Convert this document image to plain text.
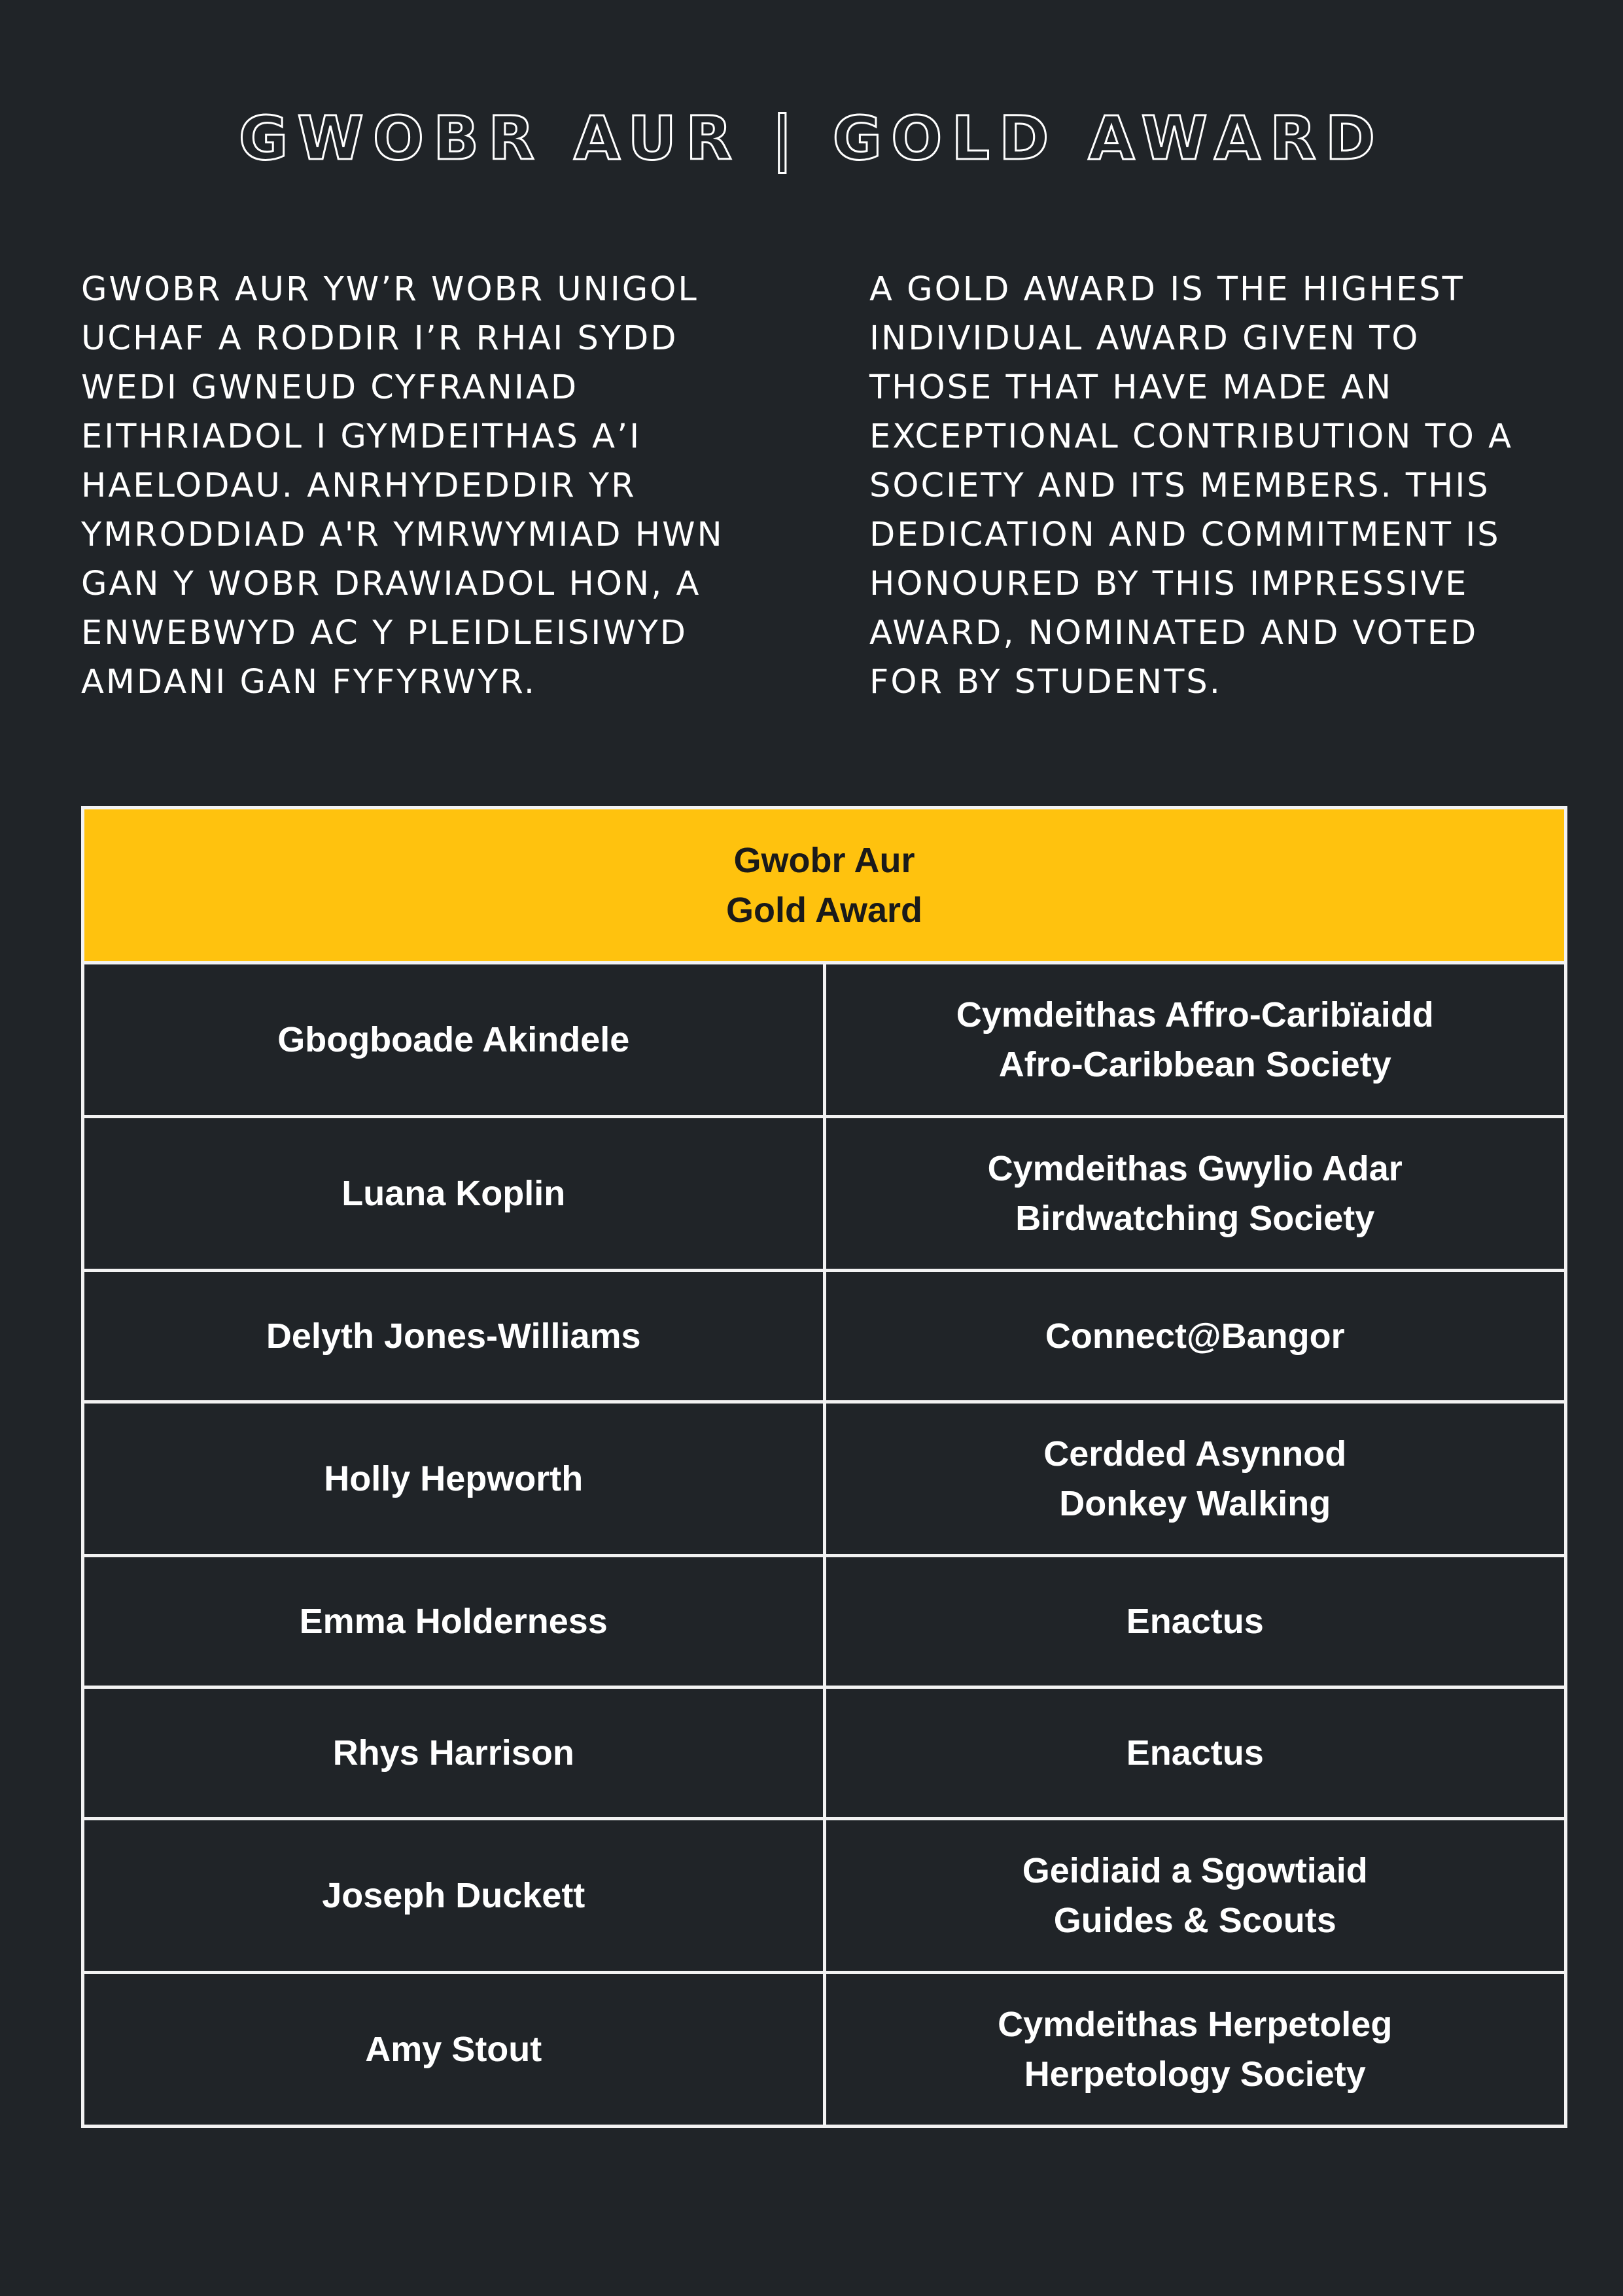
GWOBR AUR | GOLD AWARD
GWOBR AUR YW’R WOBR UNIGOL
UCHAF A RODDIR I’R RHAI SYDD
WEDI GWNEUD CYFRANIAD
EITHRIADOL I GYMDEITHAS A’I
HAELODAU. ANRHYDEDDIR YR
YMRODDIAD A'R YMRWYMIAD HWN
GAN Y WOBR DRAWIADOL HON, A
ENWEBWYD AC Y PLEIDLEISIWYD
AMDANI GAN FYFYRWYR.
A GOLD AWARD IS THE HIGHEST
INDIVIDUAL AWARD GIVEN TO
THOSE THAT HAVE MADE AN
EXCEPTIONAL CONTRIBUTION TO A
SOCIETY AND ITS MEMBERS. THIS
DEDICATION AND COMMITMENT IS
HONOURED BY THIS IMPRESSIVE
AWARD, NOMINATED AND VOTED
FOR BY STUDENTS.
Gwobr Aur
Gold Award	

Gbogboade Akindele	Cymdeithas Affro-Caribïaidd
Afro-Caribbean Society

Luana Koplin	Cymdeithas Gwylio Adar
Birdwatching Society

Delyth Jones-Williams	Connect@Bangor

Holly Hepworth	Cerdded Asynnod
Donkey Walking

Emma Holderness	Enactus

Rhys Harrison	Enactus

Joseph Duckett	Geidiaid a Sgowtiaid
Guides & Scouts

Amy Stout	Cymdeithas Herpetoleg
Herpetology Society
